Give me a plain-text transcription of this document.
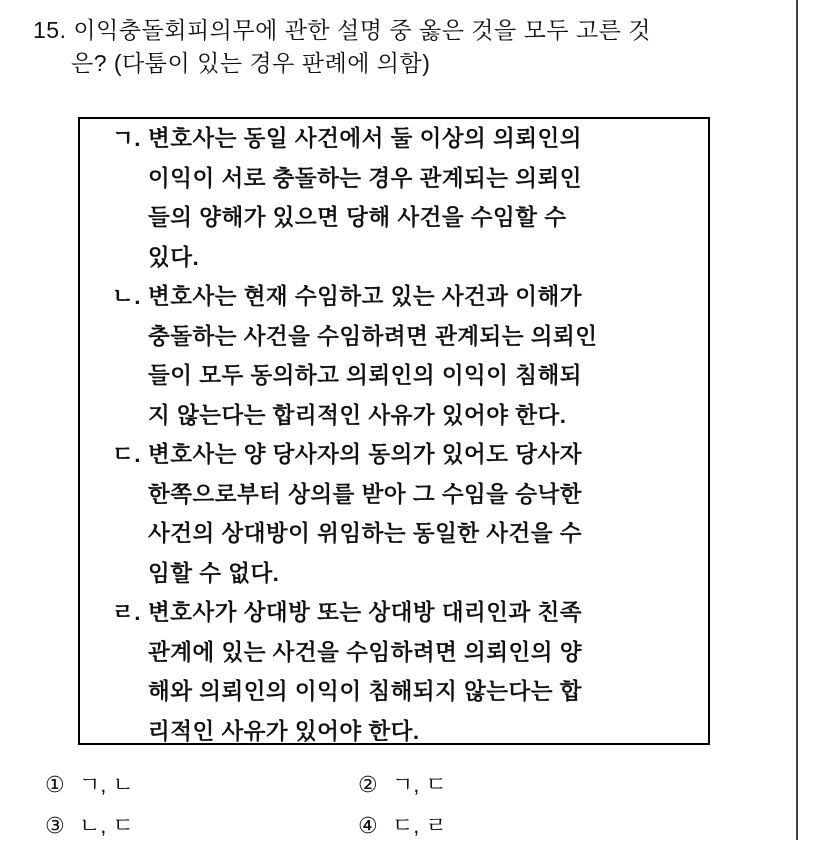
15. 이익충돌회피의무에 관한 설명 중 옳은 것을 모두 고른 것
은? (다툼이 있는 경우 판례에 의함)
ㄱ. 변호사는 동일 사건에서 둘 이상의 의뢰인의
이익이 서로 충돌하는 경우 관계되는 의뢰인
들의 양해가 있으면 당해 사건을 수임할 수
있다.
ㄴ. 변호사는 현재 수임하고 있는 사건과 이해가
충돌하는 사건을 수임하려면 관계되는 의뢰인
들이 모두 동의하고 의뢰인의 이익이 침해되
지 않는다는 합리적인 사유가 있어야 한다.
ㄷ. 변호사는 양 당사자의 동의가 있어도 당사자
한쪽으로부터 상의를 받아 그 수임을 승낙한
사건의 상대방이 위임하는 동일한 사건을 수
임할 수 없다.
ㄹ. 변호사가 상대방 또는 상대방 대리인과 친족
관계에 있는 사건을 수임하려면 의뢰인의 양
해와 의뢰인의 이익이 침해되지 않는다는 합
리적인 사유가 있어야 한다.
① ㄱ, ㄴ	② ㄱ, ㄷ
③ ㄴ, ㄷ	④ ㄷ, ㄹ
